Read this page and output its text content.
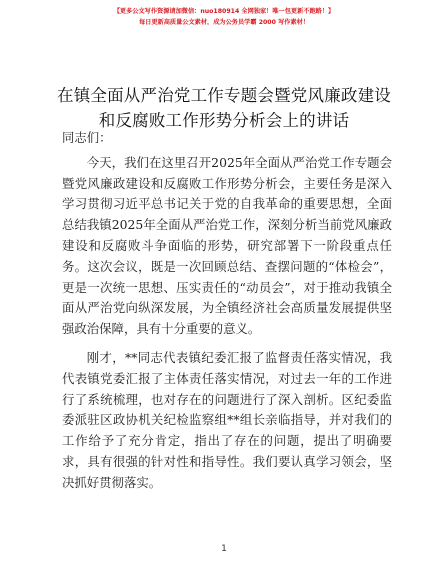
【更多公文写作资源请加微信：nuo180914 全网独家！唯一包更新不跑路！】
每日更新高质量公文素材，成为公务员学霸 2000 写作素材！
在镇全面从严治党工作专题会暨党风廉政建设
和反腐败工作形势分析会上的讲话

同志们：

今天，我们在这里召开2025年全面从严治党工作专题会暨党风廉政建设和反腐败工作形势分析会，主要任务是深入学习贯彻习近平总书记关于党的自我革命的重要思想，全面总结我镇2025年全面从严治党工作，深刻分析当前党风廉政建设和反腐败斗争面临的形势，研究部署下一阶段重点任务。这次会议，既是一次回顾总结、查摆问题的“体检会”，更是一次统一思想、压实责任的“动员会”，对于推动我镇全面从严治党向纵深发展，为全镇经济社会高质量发展提供坚强政治保障，具有十分重要的意义。

刚才，**同志代表镇纪委汇报了监督责任落实情况，我代表镇党委汇报了主体责任落实情况，对过去一年的工作进行了系统梳理，也对存在的问题进行了深入剖析。区纪委监委派驻区政协机关纪检监察组**组长亲临指导，并对我们的工作给予了充分肯定，指出了存在的问题，提出了明确要求，具有很强的针对性和指导性。我们要认真学习领会，坚决抓好贯彻落实。

1
